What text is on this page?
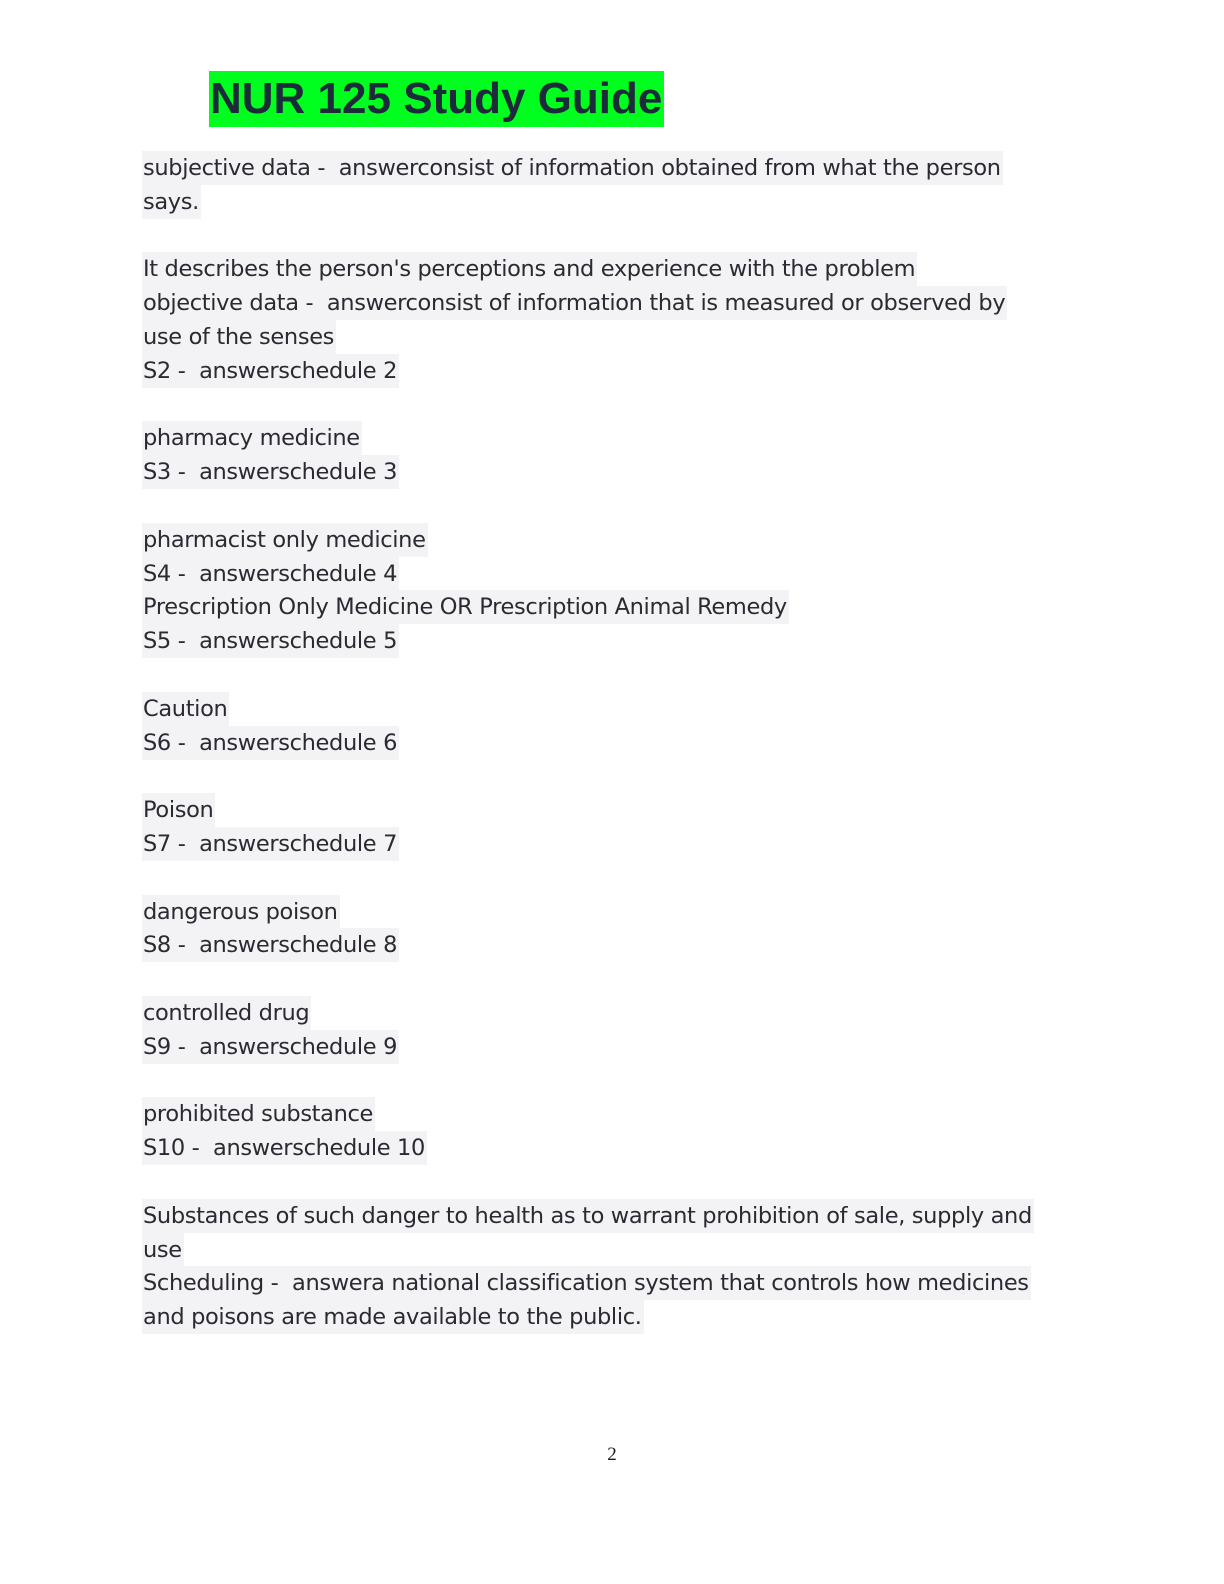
NUR 125 Study Guide
subjective data -  answerconsist of information obtained from what the person
says.
It describes the person's perceptions and experience with the problem
objective data -  answerconsist of information that is measured or observed by
use of the senses
S2 -  answerschedule 2
pharmacy medicine
S3 -  answerschedule 3
pharmacist only medicine
S4 -  answerschedule 4
Prescription Only Medicine OR Prescription Animal Remedy
S5 -  answerschedule 5
Caution
S6 -  answerschedule 6
Poison
S7 -  answerschedule 7
dangerous poison
S8 -  answerschedule 8
controlled drug
S9 -  answerschedule 9
prohibited substance
S10 -  answerschedule 10
Substances of such danger to health as to warrant prohibition of sale, supply and
use
Scheduling -  answera national classification system that controls how medicines
and poisons are made available to the public.
2
